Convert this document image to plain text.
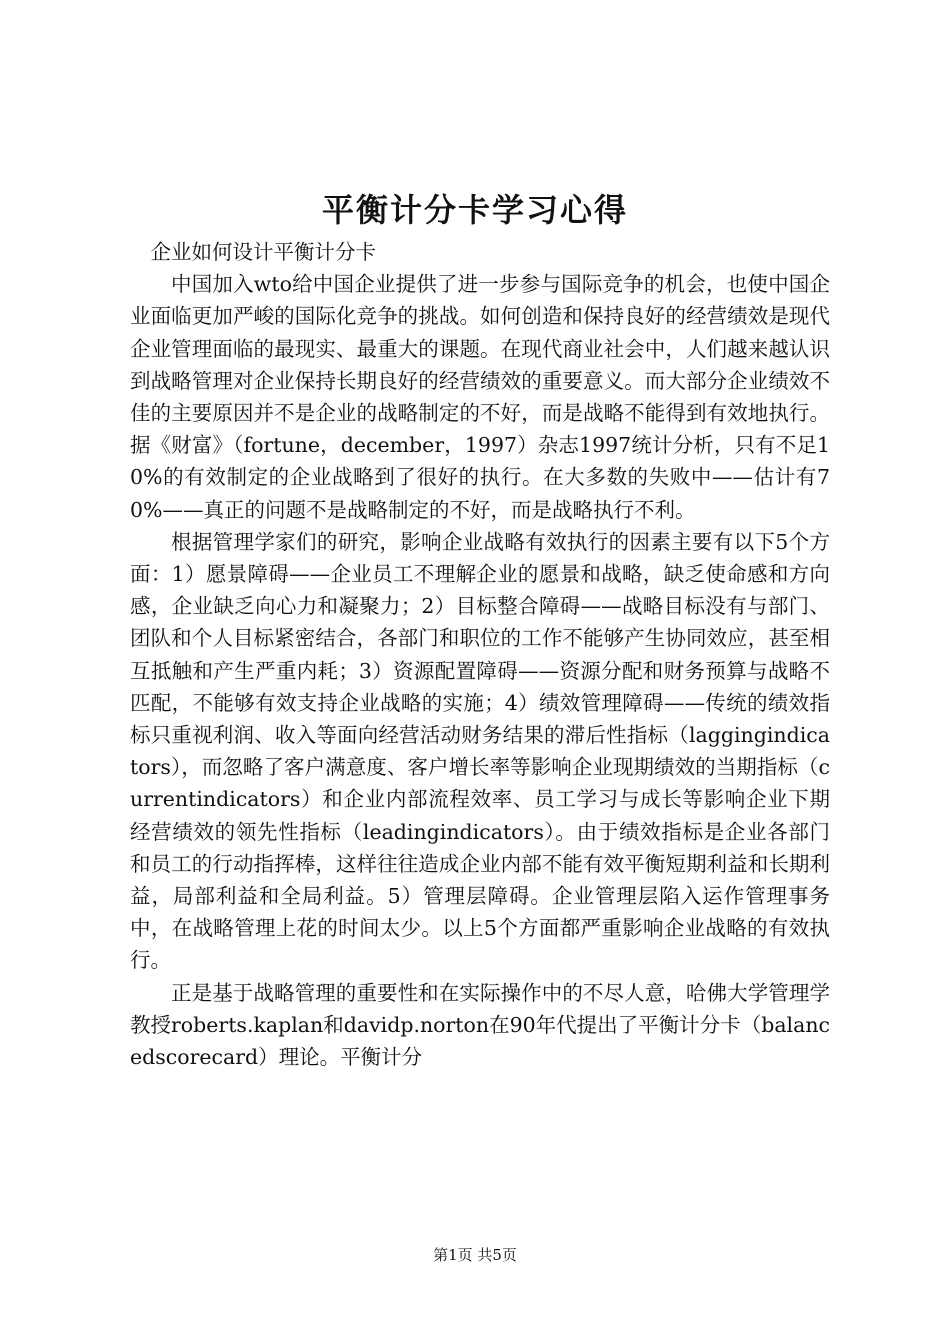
平衡计分卡学习心得

企业如何设计平衡计分卡

中国加入wto给中国企业提供了进一步参与国际竞争的机会，也使中国企业面临更加严峻的国际化竞争的挑战。如何创造和保持良好的经营绩效是现代企业管理面临的最现实、最重大的课题。在现代商业社会中，人们越来越认识到战略管理对企业保持长期良好的经营绩效的重要意义。而大部分企业绩效不佳的主要原因并不是企业的战略制定的不好，而是战略不能得到有效地执行。据《财富》（fortune，december，1997）杂志1997统计分析，只有不足10%的有效制定的企业战略到了很好的执行。在大多数的失败中——估计有70%——真正的问题不是战略制定的不好，而是战略执行不利。

根据管理学家们的研究，影响企业战略有效执行的因素主要有以下5个方面：1）愿景障碍——企业员工不理解企业的愿景和战略，缺乏使命感和方向感，企业缺乏向心力和凝聚力；2）目标整合障碍——战略目标没有与部门、团队和个人目标紧密结合，各部门和职位的工作不能够产生协同效应，甚至相互抵触和产生严重内耗；3）资源配置障碍——资源分配和财务预算与战略不匹配，不能够有效支持企业战略的实施；4）绩效管理障碍——传统的绩效指标只重视利润、收入等面向经营活动财务结果的滞后性指标（laggingindicators），而忽略了客户满意度、客户增长率等影响企业现期绩效的当期指标（currentindicators）和企业内部流程效率、员工学习与成长等影响企业下期经营绩效的领先性指标（leadingindicators）。由于绩效指标是企业各部门和员工的行动指挥棒，这样往往造成企业内部不能有效平衡短期利益和长期利益，局部利益和全局利益。5）管理层障碍。企业管理层陷入运作管理事务中，在战略管理上花的时间太少。以上5个方面都严重影响企业战略的有效执行。

正是基于战略管理的重要性和在实际操作中的不尽人意，哈佛大学管理学教授roberts.kaplan和davidp.norton在90年代提出了平衡计分卡（balancedscorecard）理论。平衡计分

第1页 共5页
